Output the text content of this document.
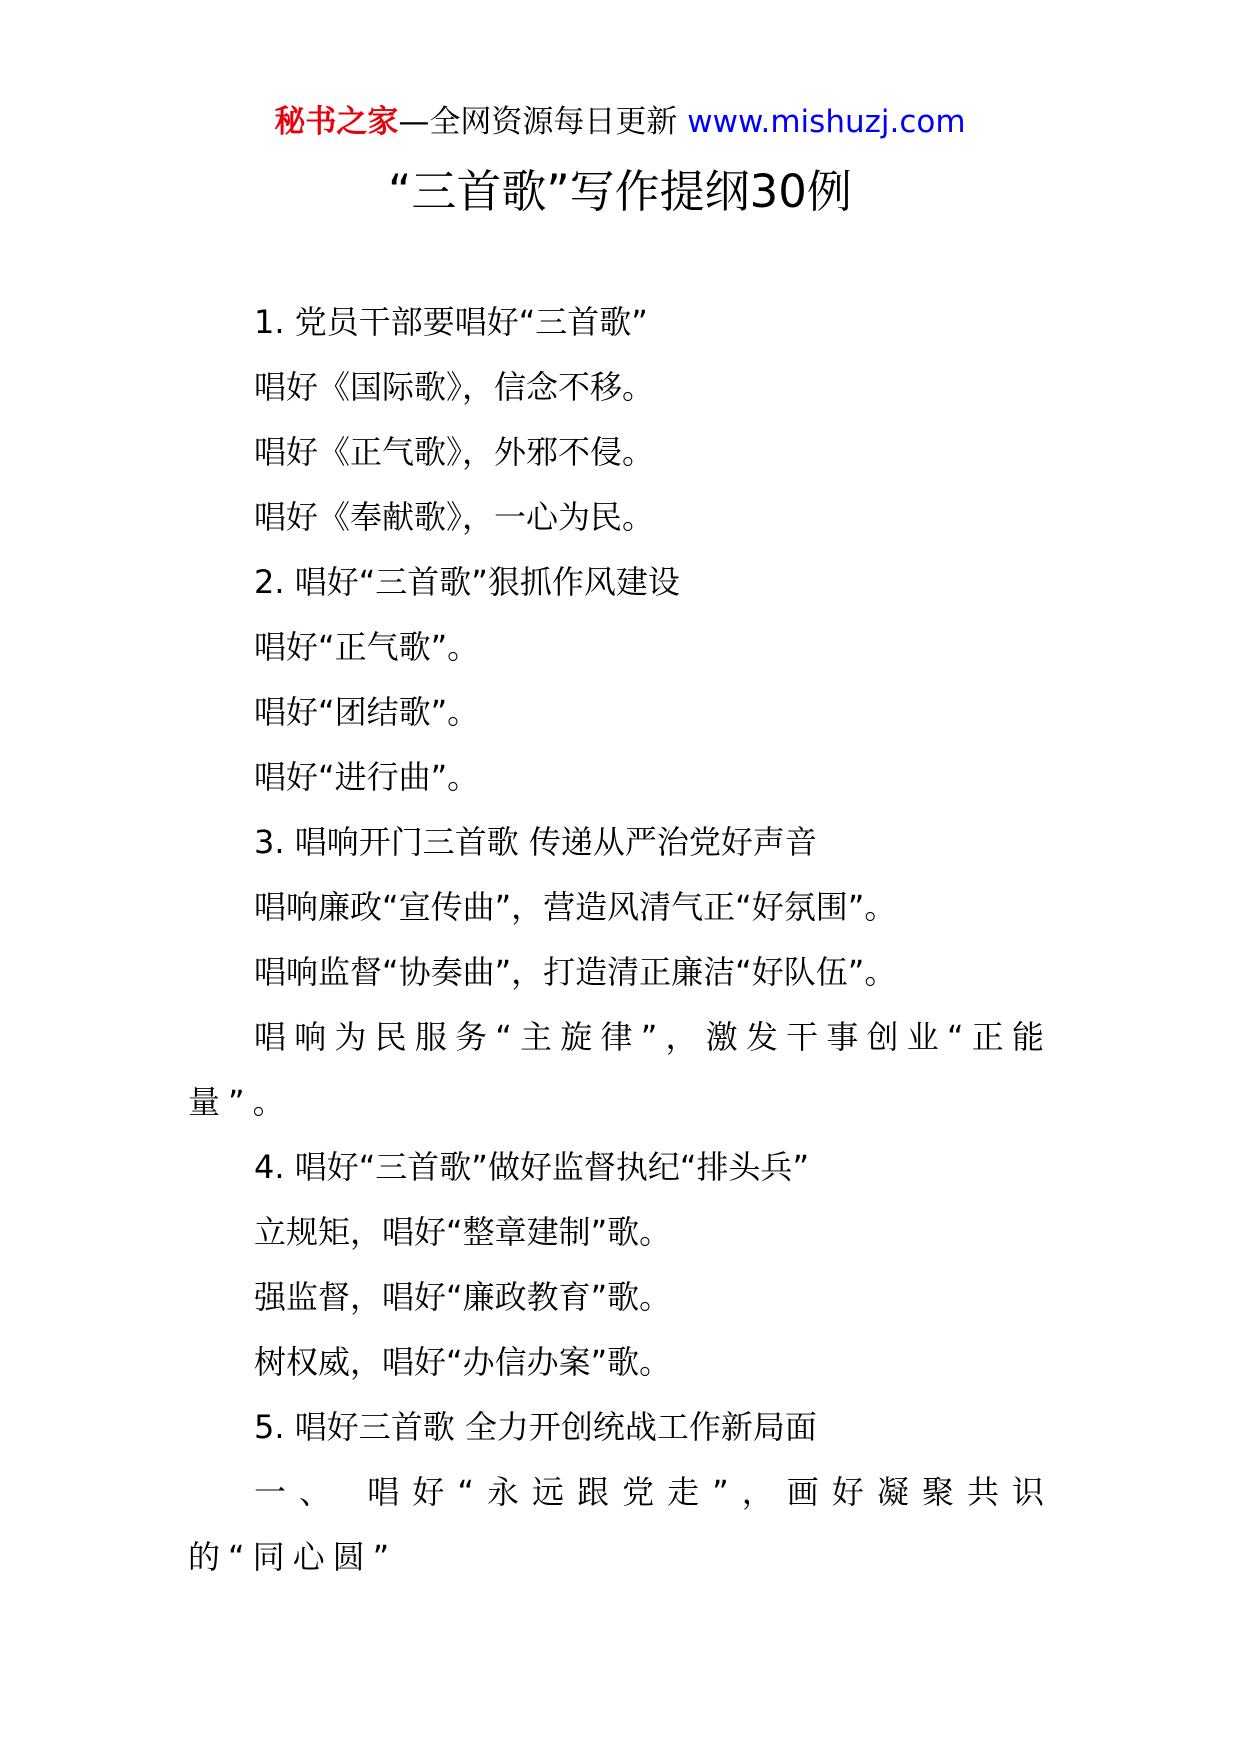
秘书之家—全网资源每日更新 www.mishuzj.com
“三首歌”写作提纲30例

1. 党员干部要唱好“三首歌”

唱好《国际歌》，信念不移。

唱好《正气歌》，外邪不侵。

唱好《奉献歌》，一心为民。

2. 唱好“三首歌”狠抓作风建设

唱好“正气歌”。

唱好“团结歌”。

唱好“进行曲”。

3. 唱响开门三首歌 传递从严治党好声音

唱响廉政“宣传曲”，营造风清气正“好氛围”。

唱响监督“协奏曲”，打造清正廉洁“好队伍”。

唱响为民服务“主旋律”，激发干事创业“正能量”。

4. 唱好“三首歌”做好监督执纪“排头兵”

立规矩，唱好“整章建制”歌。

强监督，唱好“廉政教育”歌。

树权威，唱好“办信办案”歌。

5. 唱好三首歌 全力开创统战工作新局面

一、 唱好“永远跟党走”，画好凝聚共识的“同心圆”
